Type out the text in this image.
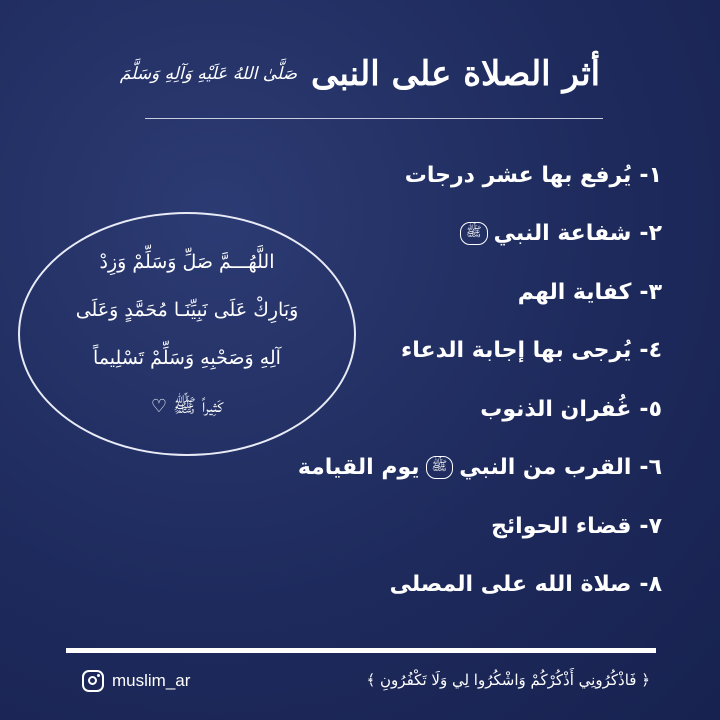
أثر الصلاة على النبى
صَلَّىٰ اللهُ عَلَيْهِ وَآلِهِ وَسَلَّمَ
١-
يُرفع بها عشر درجات
٢-
شفاعة النبي
ﷺ
٣-
كفاية الهم
٤-
يُرجى بها إجابة الدعاء
٥-
غُفران الذنوب
٦-
القرب من النبي
ﷺ
يوم القيامة
٧-
قضاء الحوائج
٨-
صلاة الله على المصلى
اللَّهُـــمَّ صَلِّ وَسَلِّمْ وَزِدْ
وَبَارِكْ عَلَى نَبِيِّنَـا مُحَمَّدٍ وَعَلَى
آلِهِ وَصَحْبِهِ وَسَلِّمْ تَسْلِيماً
كَثِيراً ﷺ♡
muslim_ar	﴿ فَاذْكُرُونِي أَذْكُرْكُمْ وَاشْكُرُوا لِي وَلَا تَكْفُرُونِ ﴾
